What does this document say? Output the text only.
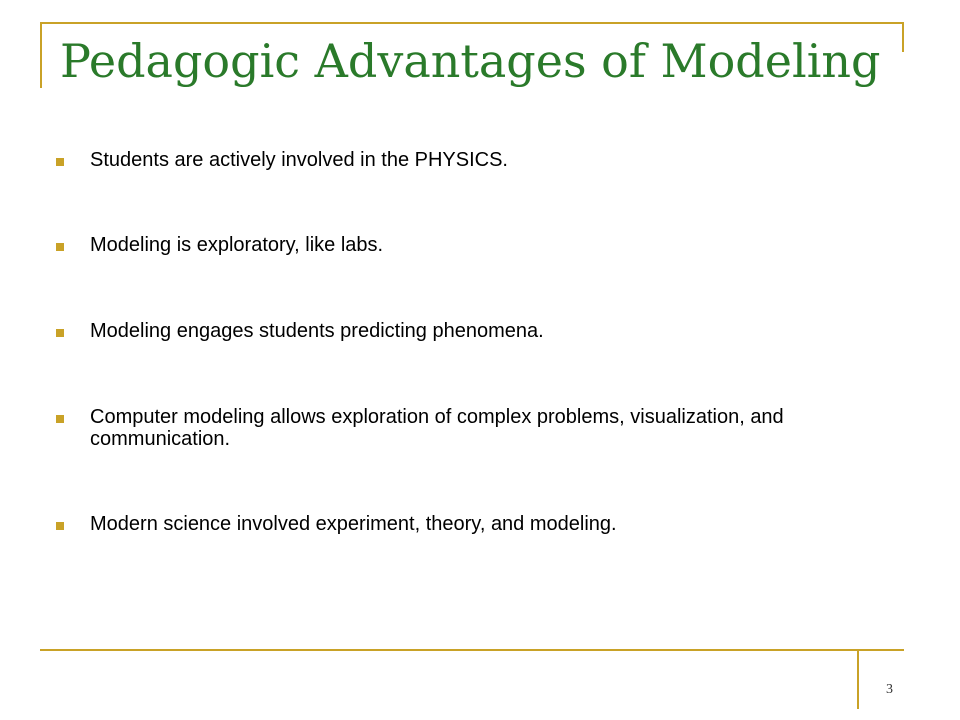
Pedagogic Advantages of Modeling
Students are actively involved in the PHYSICS.
Modeling is exploratory, like labs.
Modeling engages students predicting phenomena.
Computer modeling allows exploration of complex problems, visualization, and communication.
Modern science involved experiment, theory, and modeling.
3
